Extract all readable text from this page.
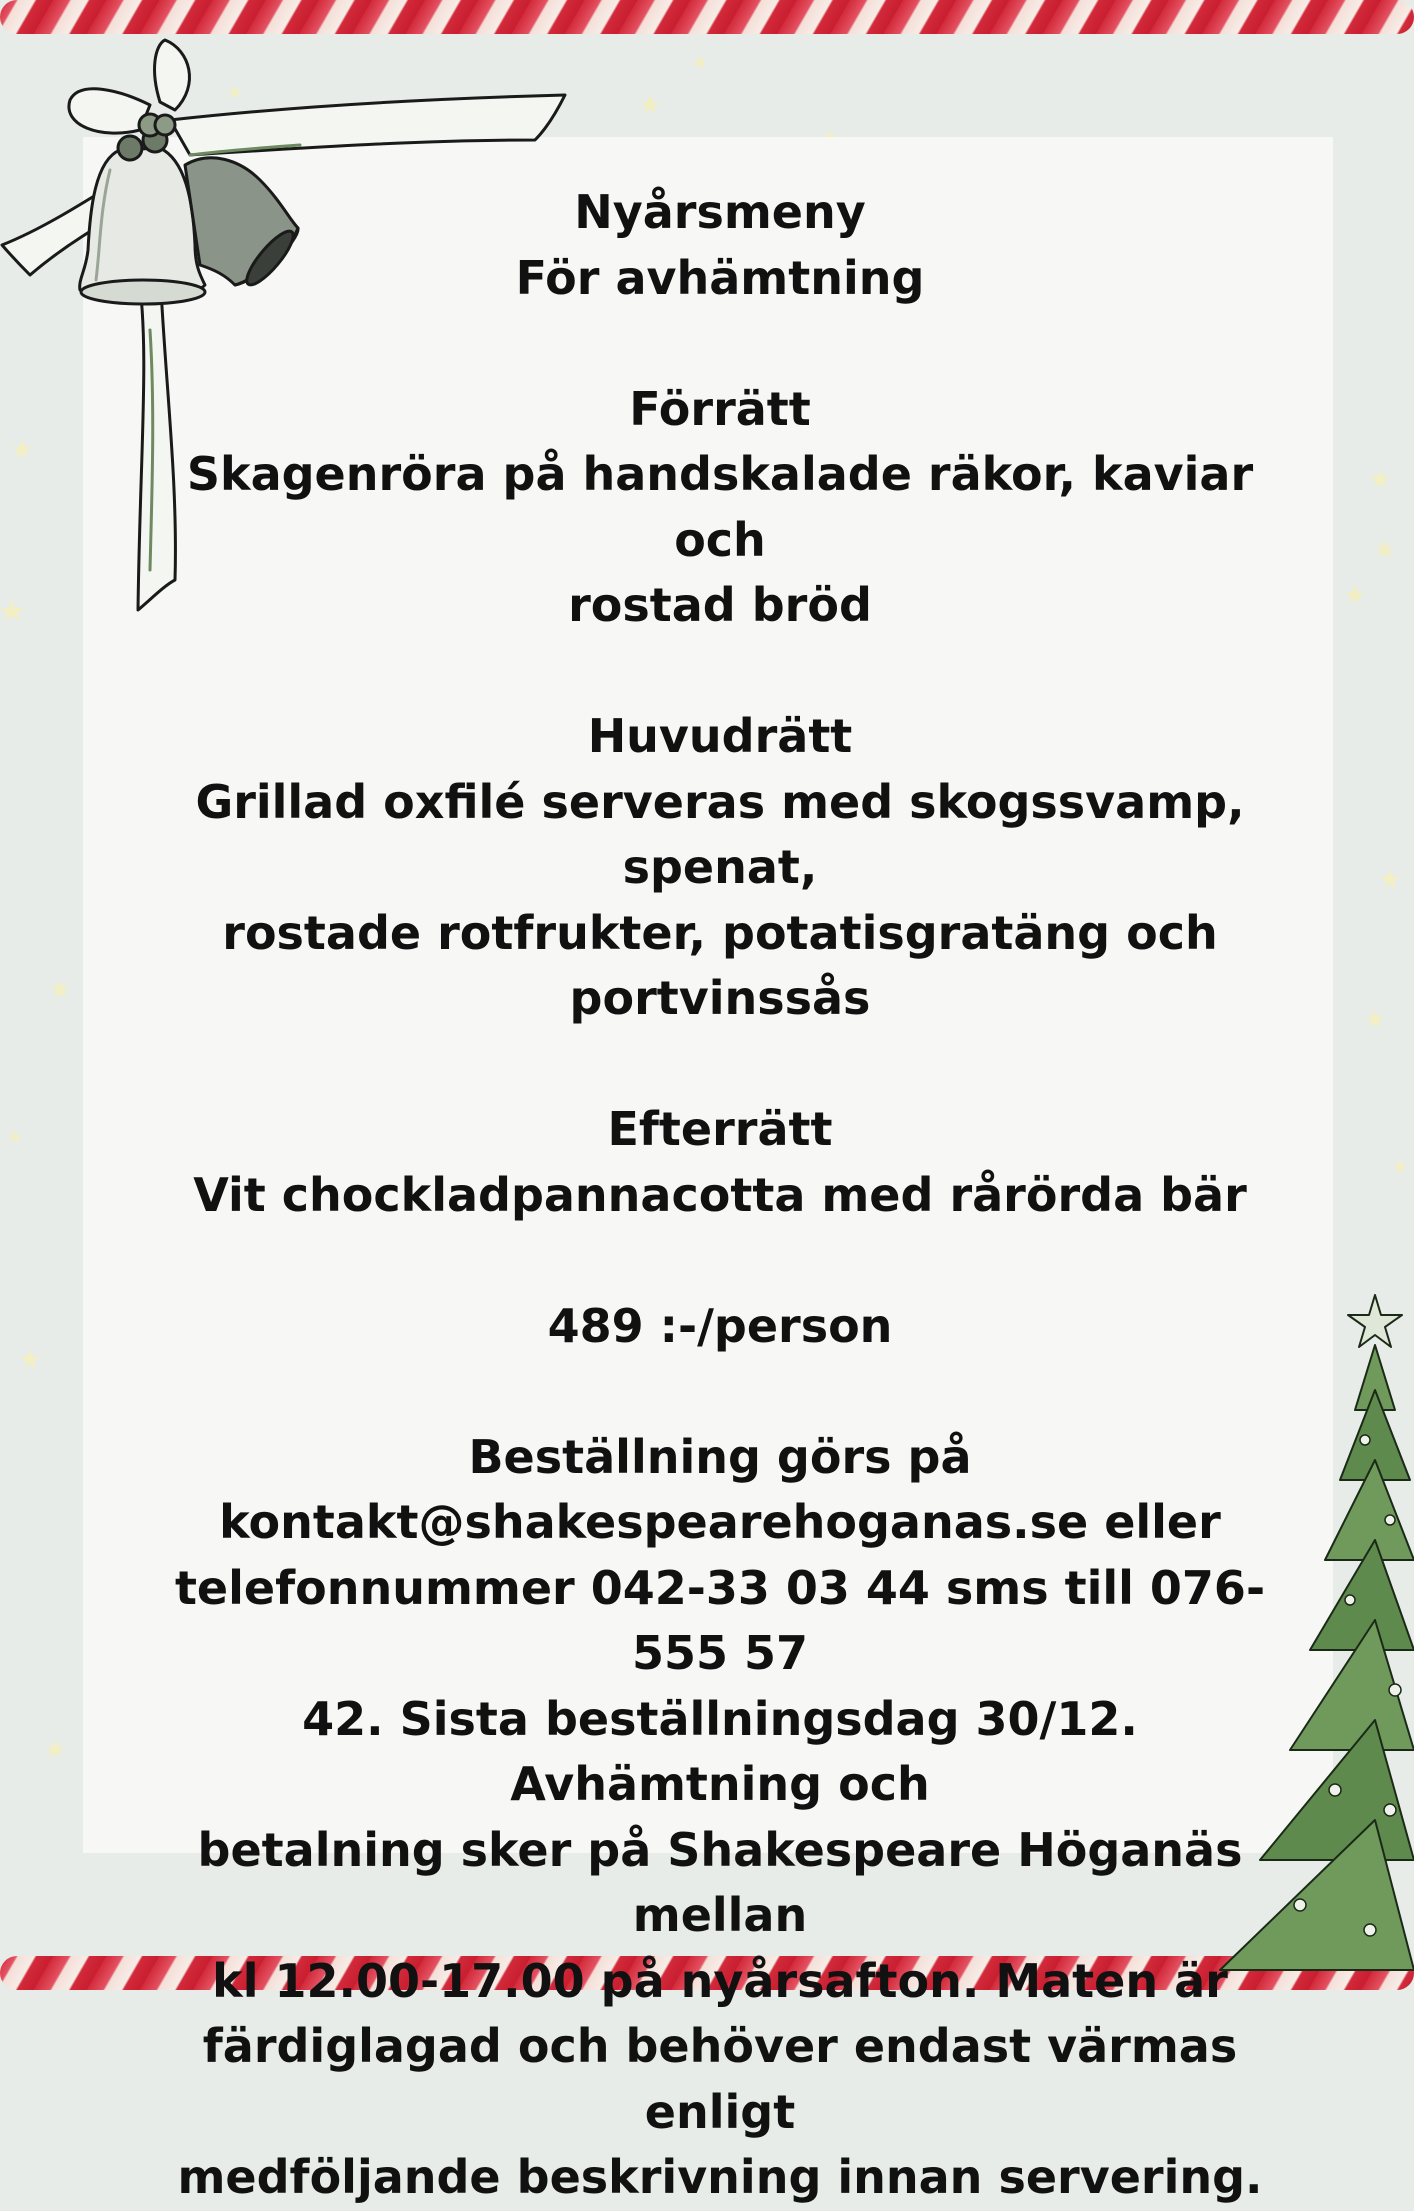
Nyårsmeny
För avhämtning
Förrätt
Skagenröra på handskalade räkor, kaviar och
rostad bröd
Huvudrätt
Grillad oxfilé serveras med skogssvamp, spenat,
rostade rotfrukter, potatisgratäng och
portvinssås
Efterrätt
Vit chockladpannacotta med rårörda bär
489 :-/person
Beställning görs på
kontakt@shakespearehoganas.se eller
telefonnummer 042-33 03 44 sms till 076- 555 57
42. Sista beställningsdag 30/12. Avhämtning och
betalning sker på Shakespeare Höganäs mellan
kl 12.00-17.00 på nyårsafton. Maten är
färdiglagad och behöver endast värmas enligt
medföljande beskrivning innan servering.
